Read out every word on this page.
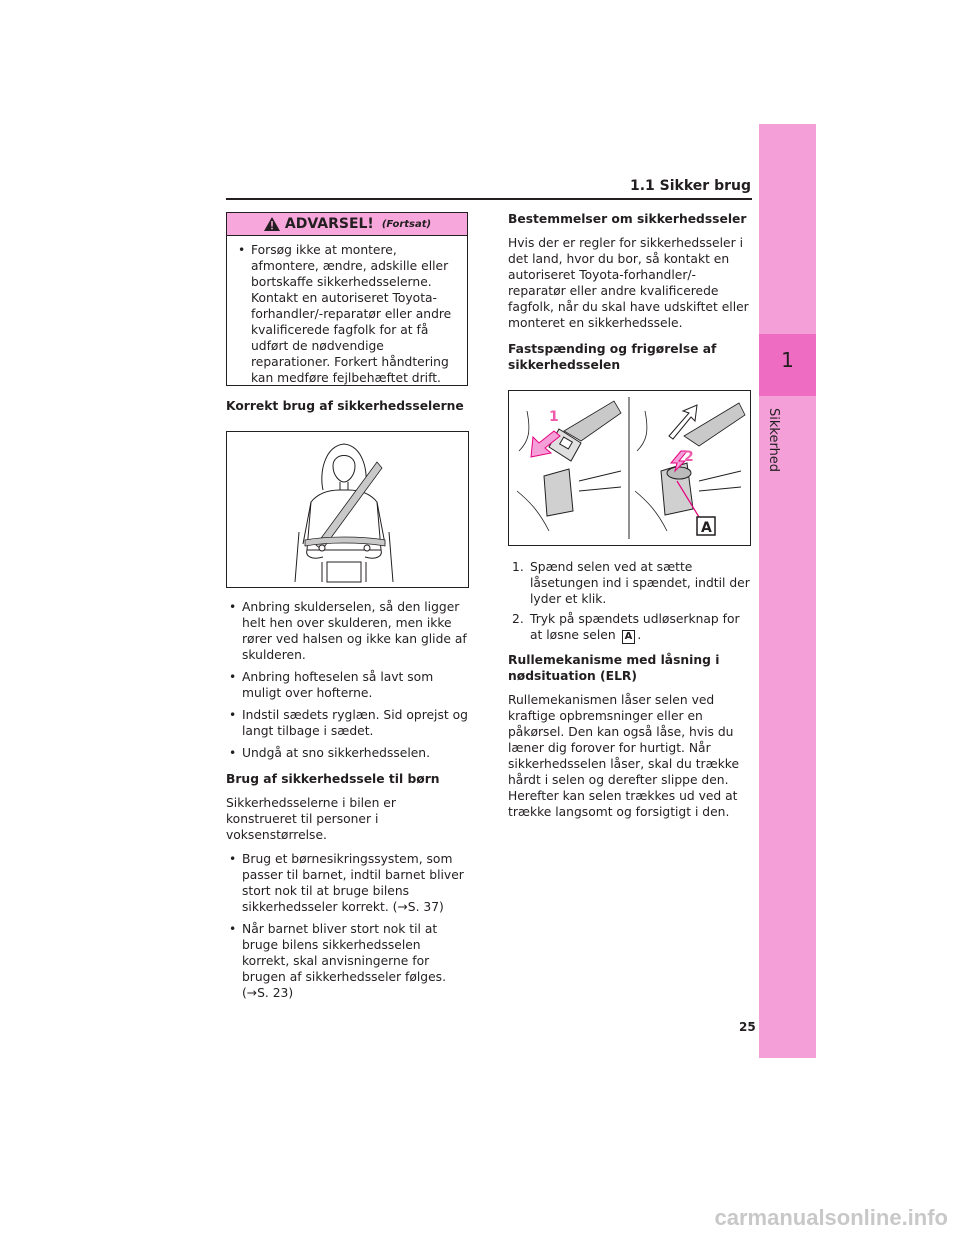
1
Sikkerhed
1.1 Sikker brug
ADVARSEL! (Fortsat)
• Forsøg ikke at montere, afmontere, ændre, adskille eller bortskaffe sikkerhedsselerne. Kontakt en autoriseret Toyota-forhandler/-reparatør eller andre kvalificerede fagfolk for at få udført de nødvendige reparationer. Forkert håndtering kan medføre fejlbehæftet drift.
Korrekt brug af sikkerhedsselerne
• Anbring skulderselen, så den ligger helt hen over skulderen, men ikke rører ved halsen og ikke kan glide af skulderen.
• Anbring hofteselen så lavt som muligt over hofterne.
• Indstil sædets ryglæn. Sid oprejst og langt tilbage i sædet.
• Undgå at sno sikkerhedsselen.
Brug af sikkerhedssele til børn

Sikkerhedsselerne i bilen er konstrueret til personer i voksenstørrelse.

• Brug et børnesikringssystem, som passer til barnet, indtil barnet bliver stort nok til at bruge bilens sikkerhedsseler korrekt. (→S. 37)
• Når barnet bliver stort nok til at bruge bilens sikkerhedsselen korrekt, skal anvisningerne for brugen af sikkerhedsseler følges. (→S. 23)
Bestemmelser om sikkerhedsseler

Hvis der er regler for sikkerhedsseler i det land, hvor du bor, så kontakt en autoriseret Toyota-forhandler/-reparatør eller andre kvalificerede fagfolk, når du skal have udskiftet eller monteret en sikkerhedssele.

Fastspænding og frigørelse af sikkerhedsselen
1
2
A
1. Spænd selen ved at sætte låsetungen ind i spændet, indtil der lyder et klik.
2. Tryk på spændets udløserknap for at løsne selen A .
Rullemekanisme med låsning i nødsituation (ELR)

Rullemekanismen låser selen ved kraftige opbremsninger eller en påkørsel. Den kan også låse, hvis du læner dig forover for hurtigt. Når sikkerhedsselen låser, skal du trække hårdt i selen og derefter slippe den. Herefter kan selen trækkes ud ved at trække langsomt og forsigtigt i den.

25
carmanualsonline.info
